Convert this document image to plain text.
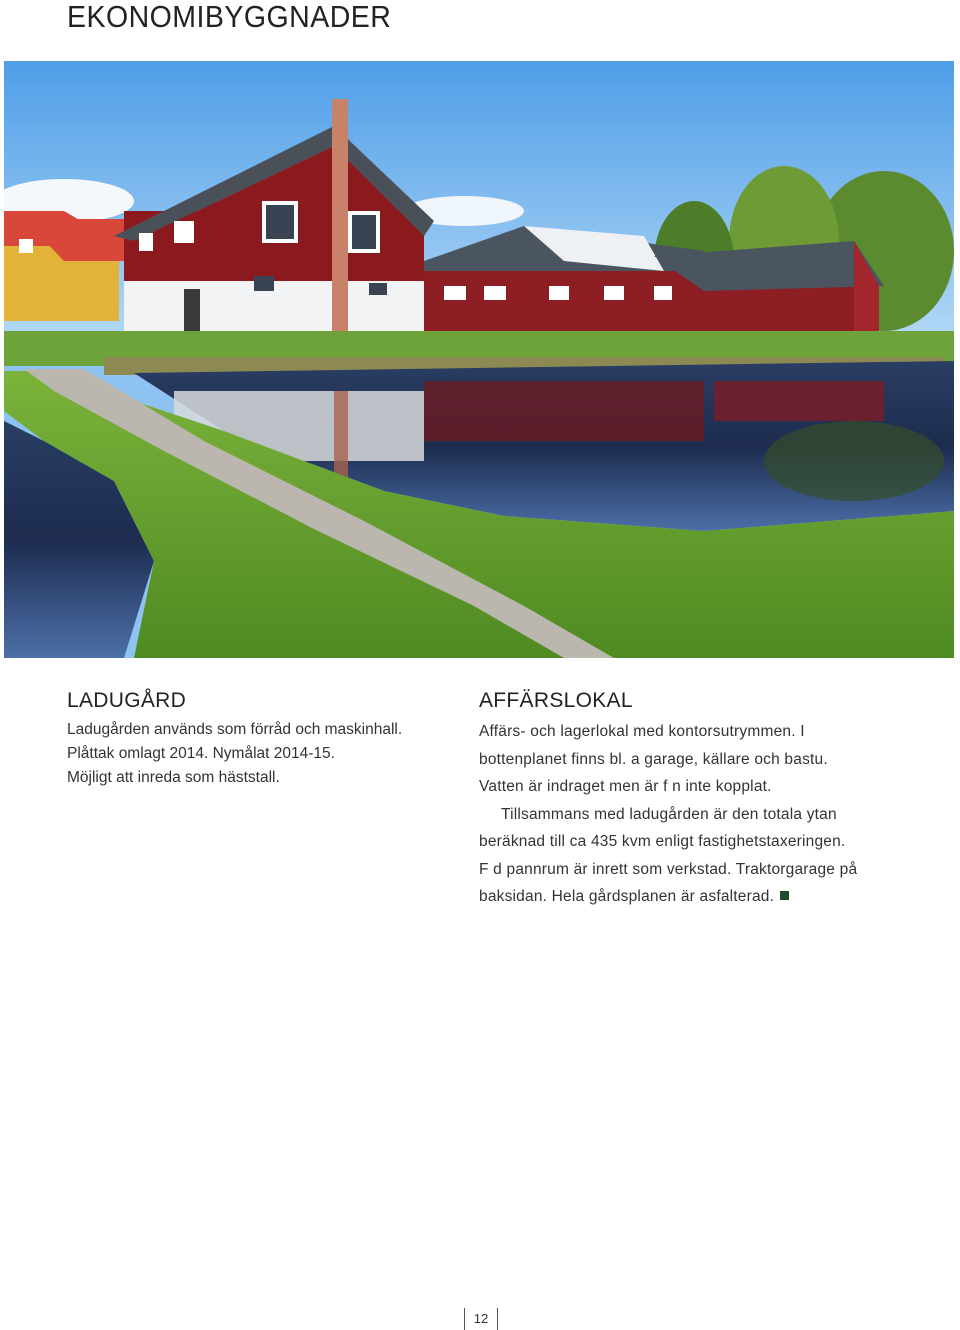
EKONOMIBYGGNADER
LADUGÅRD
Ladugården används som förråd och maskinhall.
Plåttak omlagt 2014. Nymålat 2014-15.
Möjligt att inreda som häststall.
AFFÄRSLOKAL
Affärs- och lagerlokal med kontorsutrymmen. I
bottenplanet finns bl. a garage, källare och bastu.
Vatten är indraget men är f n inte kopplat.
Tillsammans med ladugården är den totala ytan
beräknad till ca 435 kvm enligt fastighetstaxeringen.
F d pannrum är inrett som verkstad. Traktorgarage på
baksidan. Hela gårdsplanen är asfalterad.
12
